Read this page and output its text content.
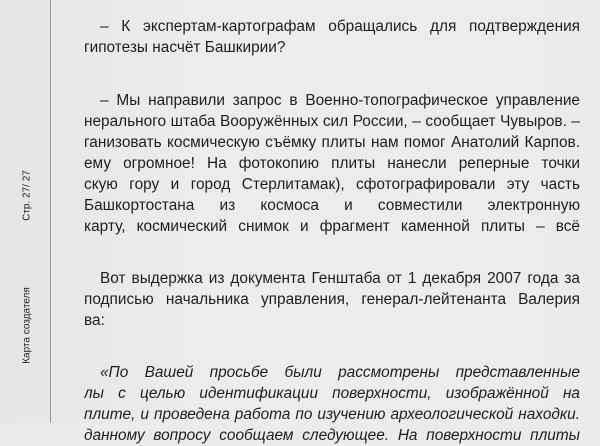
Стр. 27/ 27
Карта создателя
– К экспертам-картографам обращались для подтверждения
гипотезы насчёт Башкирии?
– Мы направили запрос в Военно-топографическое управление
нерального штаба Вооружённых сил России, – сообщает Чувыров. –
ганизовать космическую съёмку плиты нам помог Анатолий Карпов.
ему огромное! На фотокопию плиты нанесли реперные точки
скую гору и город Стерлитамак), сфотографировали эту часть
Башкортостана из космоса и совместили электронную
карту, космический снимок и фрагмент каменной плиты – всё
Вот выдержка из документа Генштаба от 1 декабря 2007 года за
подписью начальника управления, генерал-лейтенанта Валерия
ва:
«По Вашей просьбе были рассмотрены представленные
лы с целью идентификации поверхности, изображённой на
плите, и проведена работа по изучению археологической находки.
данному вопросу сообщаем следующее. На поверхности плиты
